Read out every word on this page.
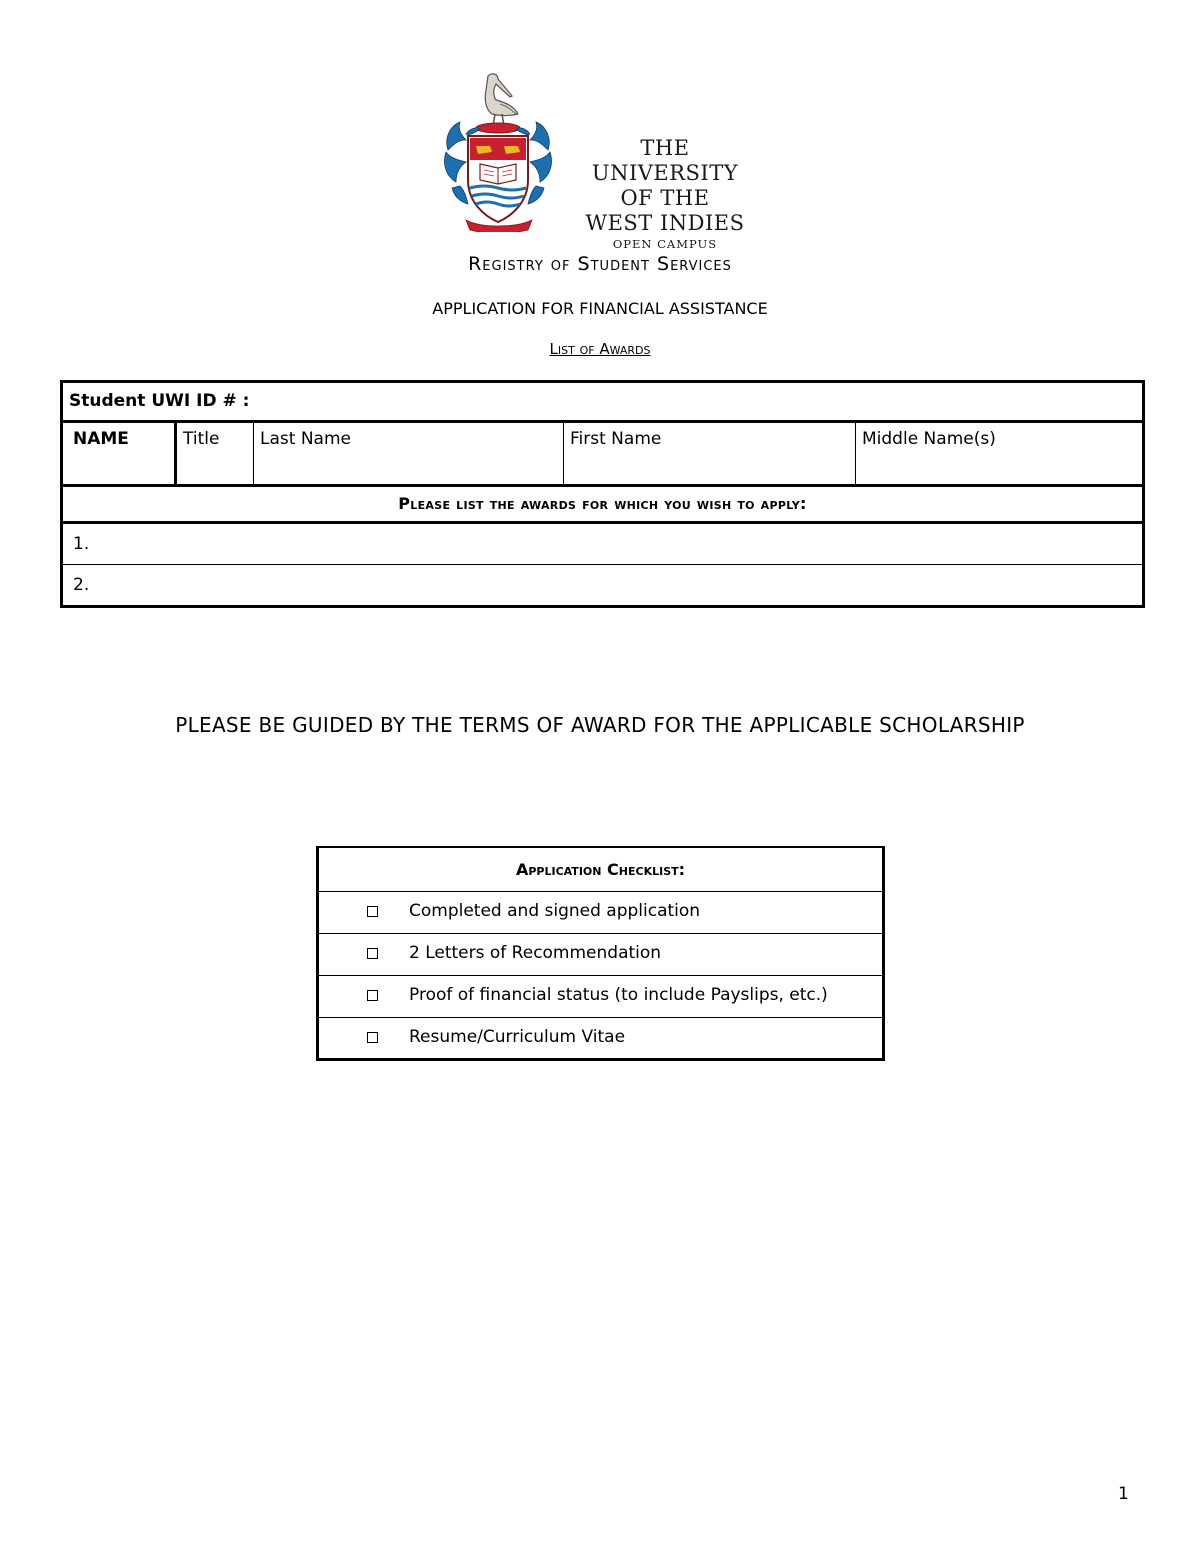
THE UNIVERSITY
OF THE
WEST INDIES
OPEN CAMPUS
Registry of Student Services
APPLICATION FOR FINANCIAL ASSISTANCE
List of Awards
Student UWI ID # :
NAME	Title	Last Name	First Name	Middle Name(s)
Please list the awards for which you wish to apply:
1.
2.
PLEASE BE GUIDED BY THE TERMS OF AWARD FOR THE APPLICABLE SCHOLARSHIP
Application Checklist:

Completed and signed application

2 Letters of Recommendation

Proof of financial status (to include Payslips, etc.)

Resume/Curriculum Vitae
1
